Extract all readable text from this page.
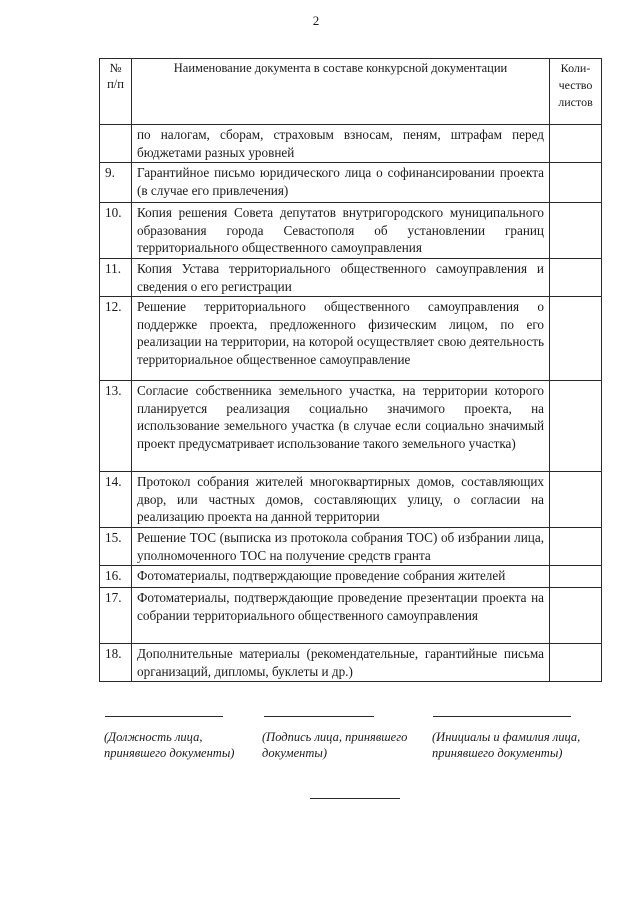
2
№ п/п	Наименование документа в составе конкурсной документации	Коли-чество листов
	по налогам, сборам, страховым взносам, пеням, штрафам перед бюджетами разных уровней	
9.	Гарантийное письмо юридического лица о софинансировании проекта (в случае его привлечения)	
10.	Копия решения Совета депутатов внутригородского муниципального образования города Севастополя об установлении границ территориального общественного самоуправления	
11.	Копия Устава территориального общественного самоуправления и сведения о его регистрации	
12.	Решение территориального общественного самоуправления о поддержке проекта, предложенного физическим лицом, по его реализации на территории, на которой осуществляет свою деятельность территориальное общественное самоуправление	
13.	Согласие собственника земельного участка, на территории которого планируется реализация социально значимого проекта, на использование земельного участка (в случае если социально значимый проект предусматривает использование такого земельного участка)	
14.	Протокол собрания жителей многоквартирных домов, составляющих двор, или частных домов, составляющих улицу, о согласии на реализацию проекта на данной территории	
15.	Решение ТОС (выписка из протокола собрания ТОС) об избрании лица, уполномоченного ТОС на получение средств гранта	
16.	Фотоматериалы, подтверждающие проведение собрания жителей	
17.	Фотоматериалы, подтверждающие проведение презентации проекта на собрании территориального общественного самоуправления	
18.	Дополнительные материалы (рекомендательные, гарантийные письма организаций, дипломы, буклеты и др.)	
(Должность лица, принявшего документы)
(Подпись лица, принявшего документы)
(Инициалы и фамилия лица, принявшего документы)
